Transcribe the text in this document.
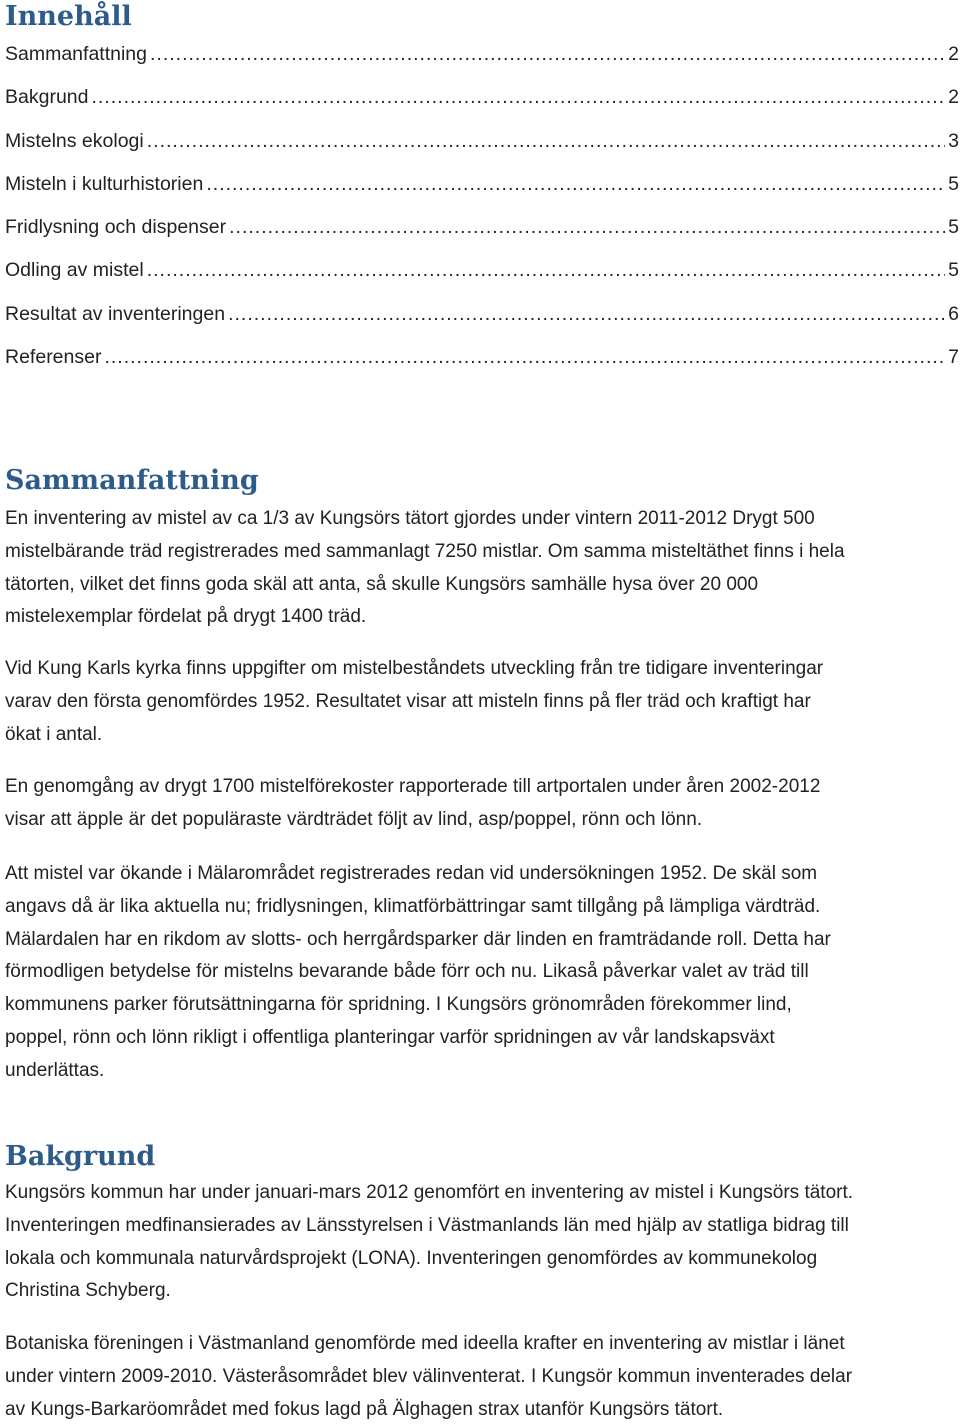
Innehåll
Sammanfattning .....	2
Bakgrund .....	2
Mistelns ekologi .....	3
Misteln i kulturhistorien .....	5
Fridlysning och dispenser .....	5
Odling av mistel .....	5
Resultat av inventeringen .....	6
Referenser .....	7
Sammanfattning

En inventering av mistel av ca 1/3 av Kungsörs tätort gjordes under vintern 2011-2012 Drygt 500
mistelbärande träd registrerades med sammanlagt 7250 mistlar. Om samma misteltäthet finns i hela
tätorten, vilket det finns goda skäl att anta, så skulle Kungsörs samhälle hysa över 20 000
mistelexemplar fördelat på drygt 1400 träd.

Vid Kung Karls kyrka finns uppgifter om mistelbeståndets utveckling från tre tidigare inventeringar
varav den första genomfördes 1952. Resultatet visar att misteln finns på fler träd och kraftigt har
ökat i antal.

En genomgång av drygt 1700 mistelförekoster rapporterade till artportalen under åren 2002-2012
visar att äpple är det populäraste värdträdet följt av lind, asp/poppel, rönn och lönn.

Att mistel var ökande i Mälarområdet registrerades redan vid undersökningen 1952. De skäl som
angavs då är lika aktuella nu; fridlysningen, klimatförbättringar samt tillgång på lämpliga värdträd.
Mälardalen har en rikdom av slotts- och herrgårdsparker där linden en framträdande roll. Detta har
förmodligen betydelse för mistelns bevarande både förr och nu. Likaså påverkar valet av träd till
kommunens parker förutsättningarna för spridning. I Kungsörs grönområden förekommer lind,
poppel, rönn och lönn rikligt i offentliga planteringar varför spridningen av vår landskapsväxt
underlättas.

Bakgrund

Kungsörs kommun har under januari-mars 2012 genomfört en inventering av mistel i Kungsörs tätort.
Inventeringen medfinansierades av Länsstyrelsen i Västmanlands län med hjälp av statliga bidrag till
lokala och kommunala naturvårdsprojekt (LONA). Inventeringen genomfördes av kommunekolog
Christina Schyberg.

Botaniska föreningen i Västmanland genomförde med ideella krafter en inventering av mistlar i länet
under vintern 2009-2010. Västeråsområdet blev välinventerat. I Kungsör kommun inventerades delar
av Kungs-Barkaröområdet med fokus lagd på Älghagen strax utanför Kungsörs tätort.
